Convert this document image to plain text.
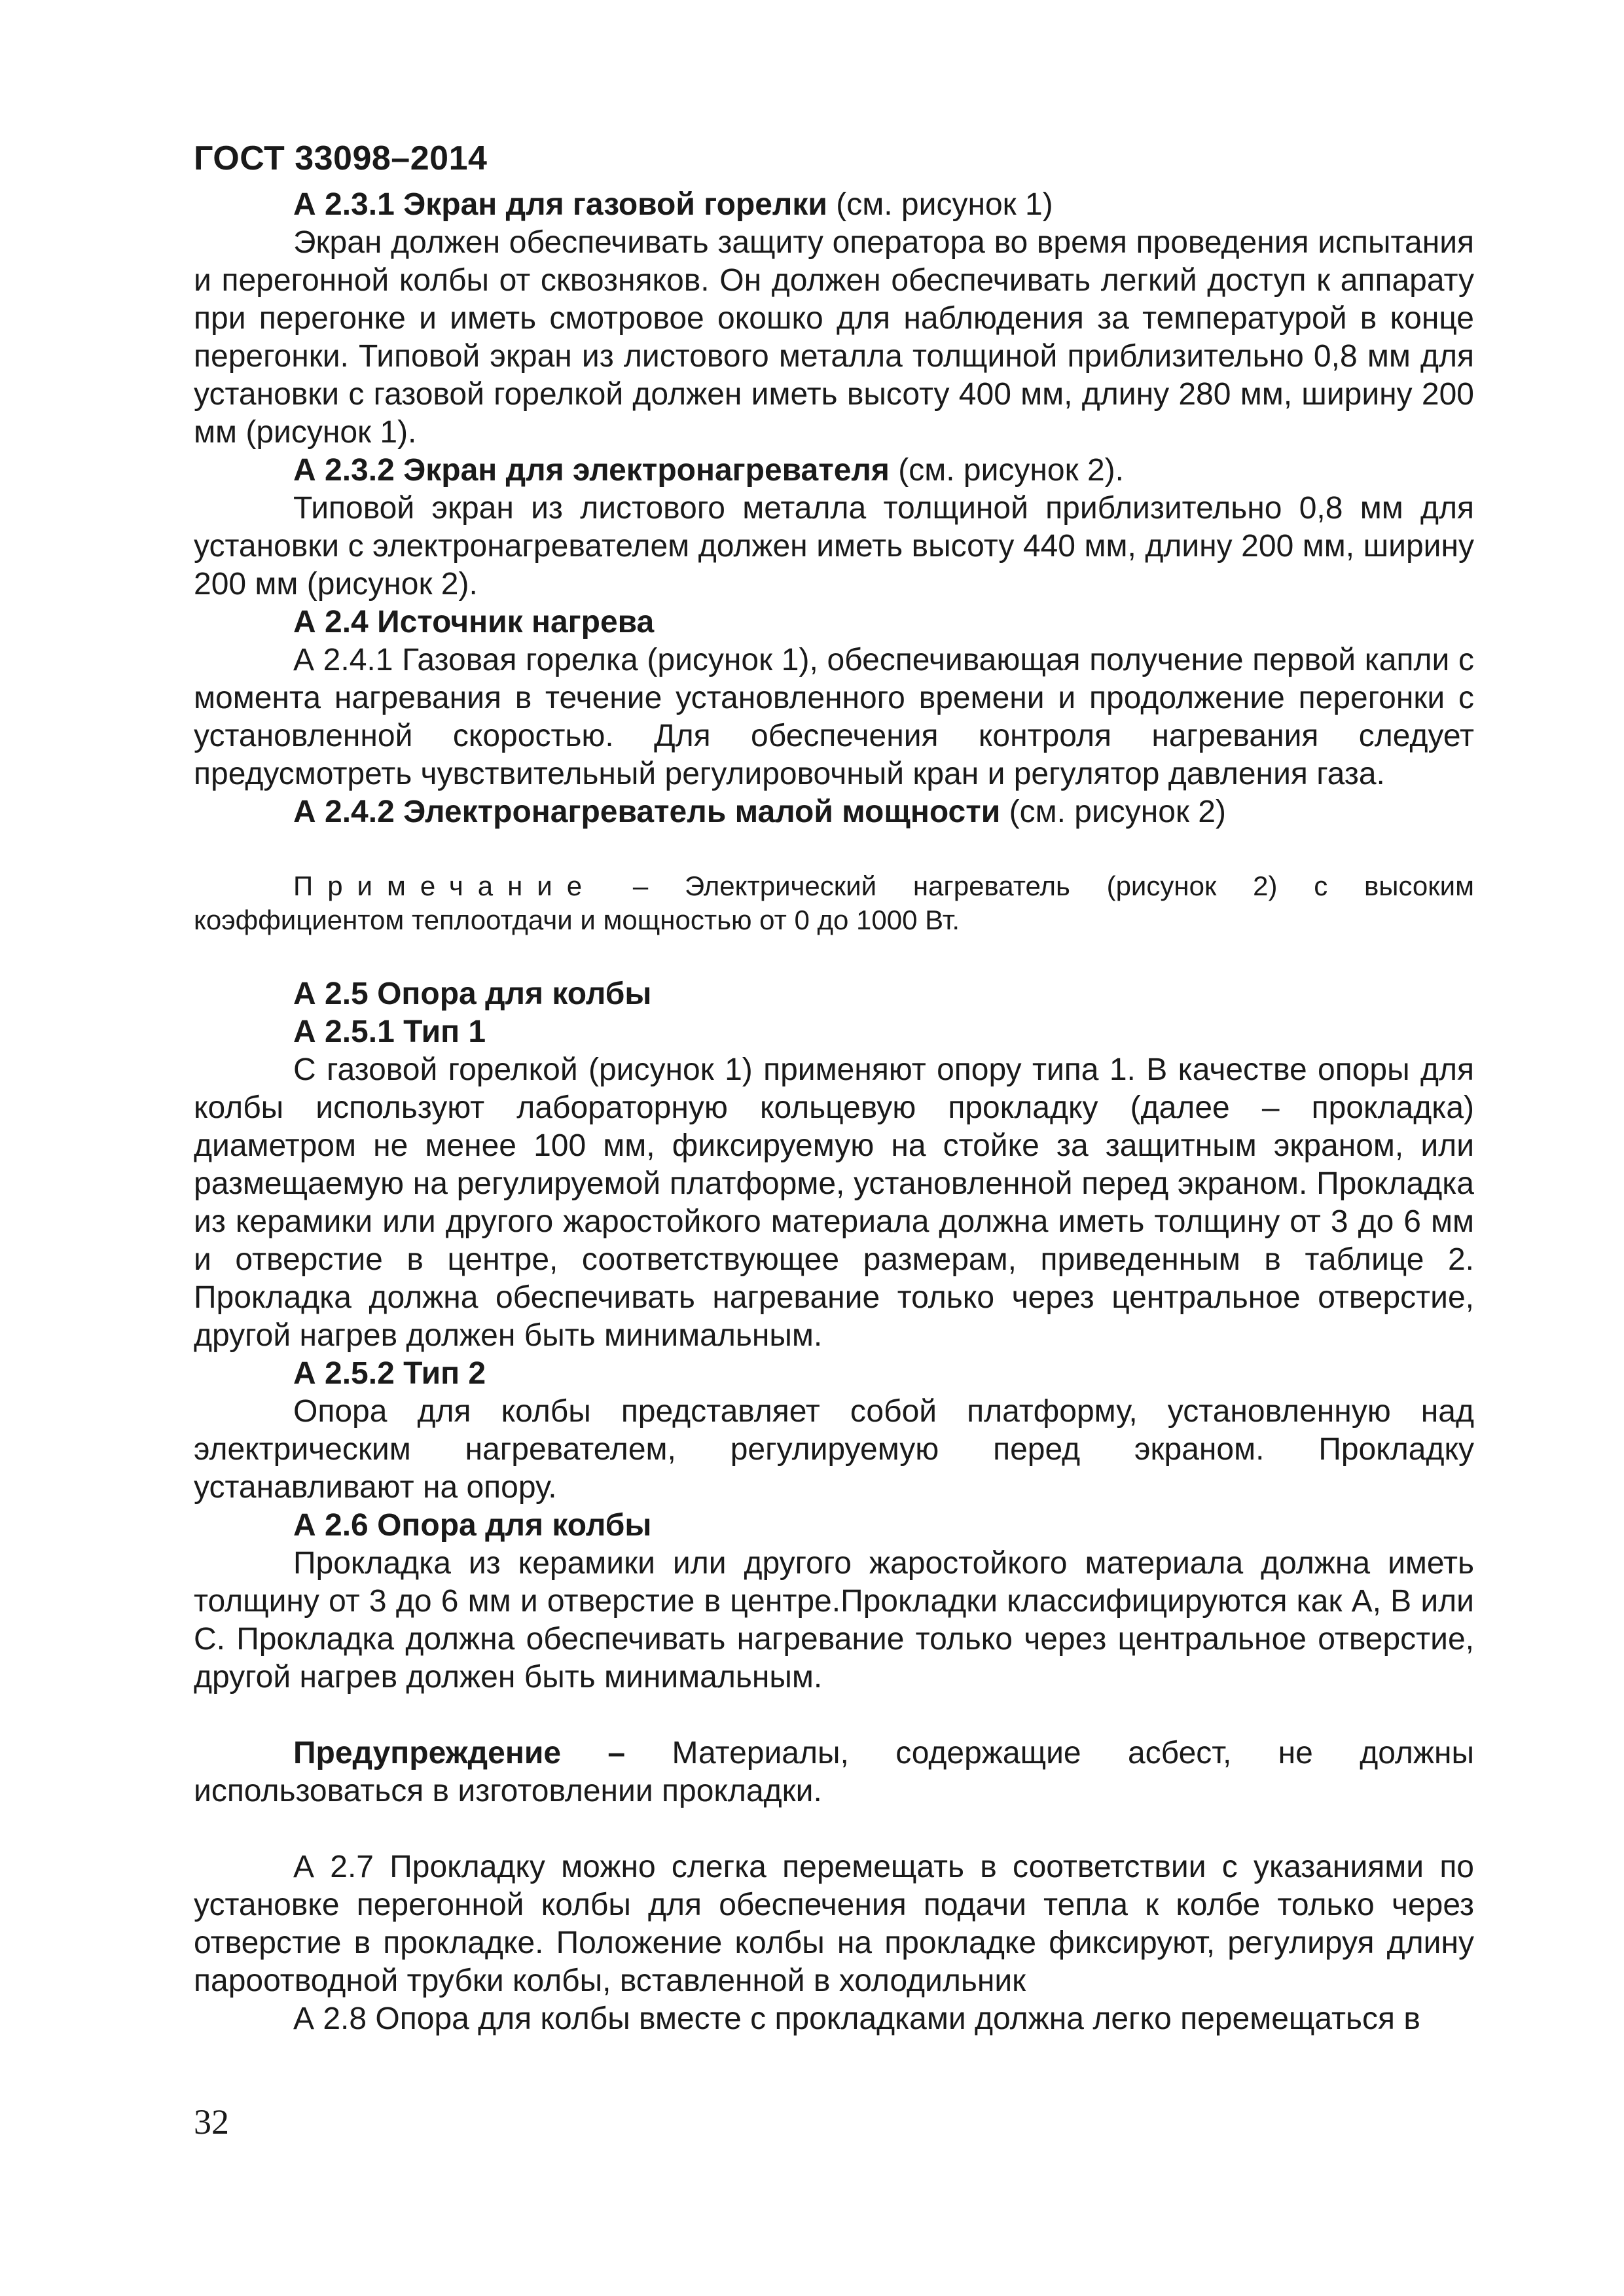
ГОСТ 33098–2014

А 2.3.1 Экран для газовой горелки (см. рисунок 1)

Экран должен обеспечивать защиту оператора во время проведения испытания и перегонной колбы от сквозняков. Он должен обеспечивать легкий доступ к аппарату при перегонке и иметь смотровое окошко для наблюдения за температурой в конце перегонки. Типовой экран из листового металла толщиной приблизительно 0,8 мм для установки с газовой горелкой должен иметь высоту 400 мм, длину 280 мм, ширину 200 мм (рисунок 1).

А 2.3.2 Экран для электронагревателя (см. рисунок 2).

Типовой экран из листового металла толщиной приблизительно 0,8 мм для установки с электронагревателем должен иметь высоту 440 мм, длину 200 мм, ширину 200 мм (рисунок 2).

А 2.4 Источник нагрева

А 2.4.1 Газовая горелка (рисунок 1), обеспечивающая получение первой капли с момента нагревания в течение установленного времени и продолжение перегонки с установленной скоростью. Для обеспечения контроля нагревания следует предусмотреть чувствительный регулировочный кран и регулятор давления газа.

А 2.4.2 Электронагреватель малой мощности (см. рисунок 2)

Примечание – Электрический нагреватель (рисунок 2) с высоким коэффициентом теплоотдачи и мощностью от 0 до 1000 Вт.

А 2.5 Опора для колбы

А 2.5.1 Тип 1

С газовой горелкой (рисунок 1) применяют опору типа 1. В качестве опоры для колбы используют лабораторную кольцевую прокладку (далее – прокладка) диаметром не менее 100 мм, фиксируемую на стойке за защитным экраном, или размещаемую на регулируемой платформе, установленной перед экраном. Прокладка из керамики или другого жаростойкого материала должна иметь толщину от 3 до 6 мм и отверстие в центре, соответствующее размерам, приведенным в таблице 2. Прокладка должна обеспечивать нагревание только через центральное отверстие, другой нагрев должен быть минимальным.

А 2.5.2 Тип 2

Опора для колбы представляет собой платформу, установленную над электрическим нагревателем, регулируемую перед экраном. Прокладку устанавливают на опору.

А 2.6 Опора для колбы

Прокладка из керамики или другого жаростойкого материала должна иметь толщину от 3 до 6 мм и отверстие в центре.Прокладки классифицируются как А, В или С. Прокладка должна обеспечивать нагревание только через центральное отверстие, другой нагрев должен быть минимальным.

Предупреждение – Материалы, содержащие асбест, не должны использоваться в изготовлении прокладки.

А 2.7 Прокладку можно слегка перемещать в соответствии с указаниями по установке перегонной колбы для обеспечения подачи тепла к колбе только через отверстие в прокладке. Положение колбы на прокладке фиксируют, регулируя длину пароотводной трубки колбы, вставленной в холодильник

А 2.8 Опора для колбы вместе с прокладками должна легко перемещаться в

32
